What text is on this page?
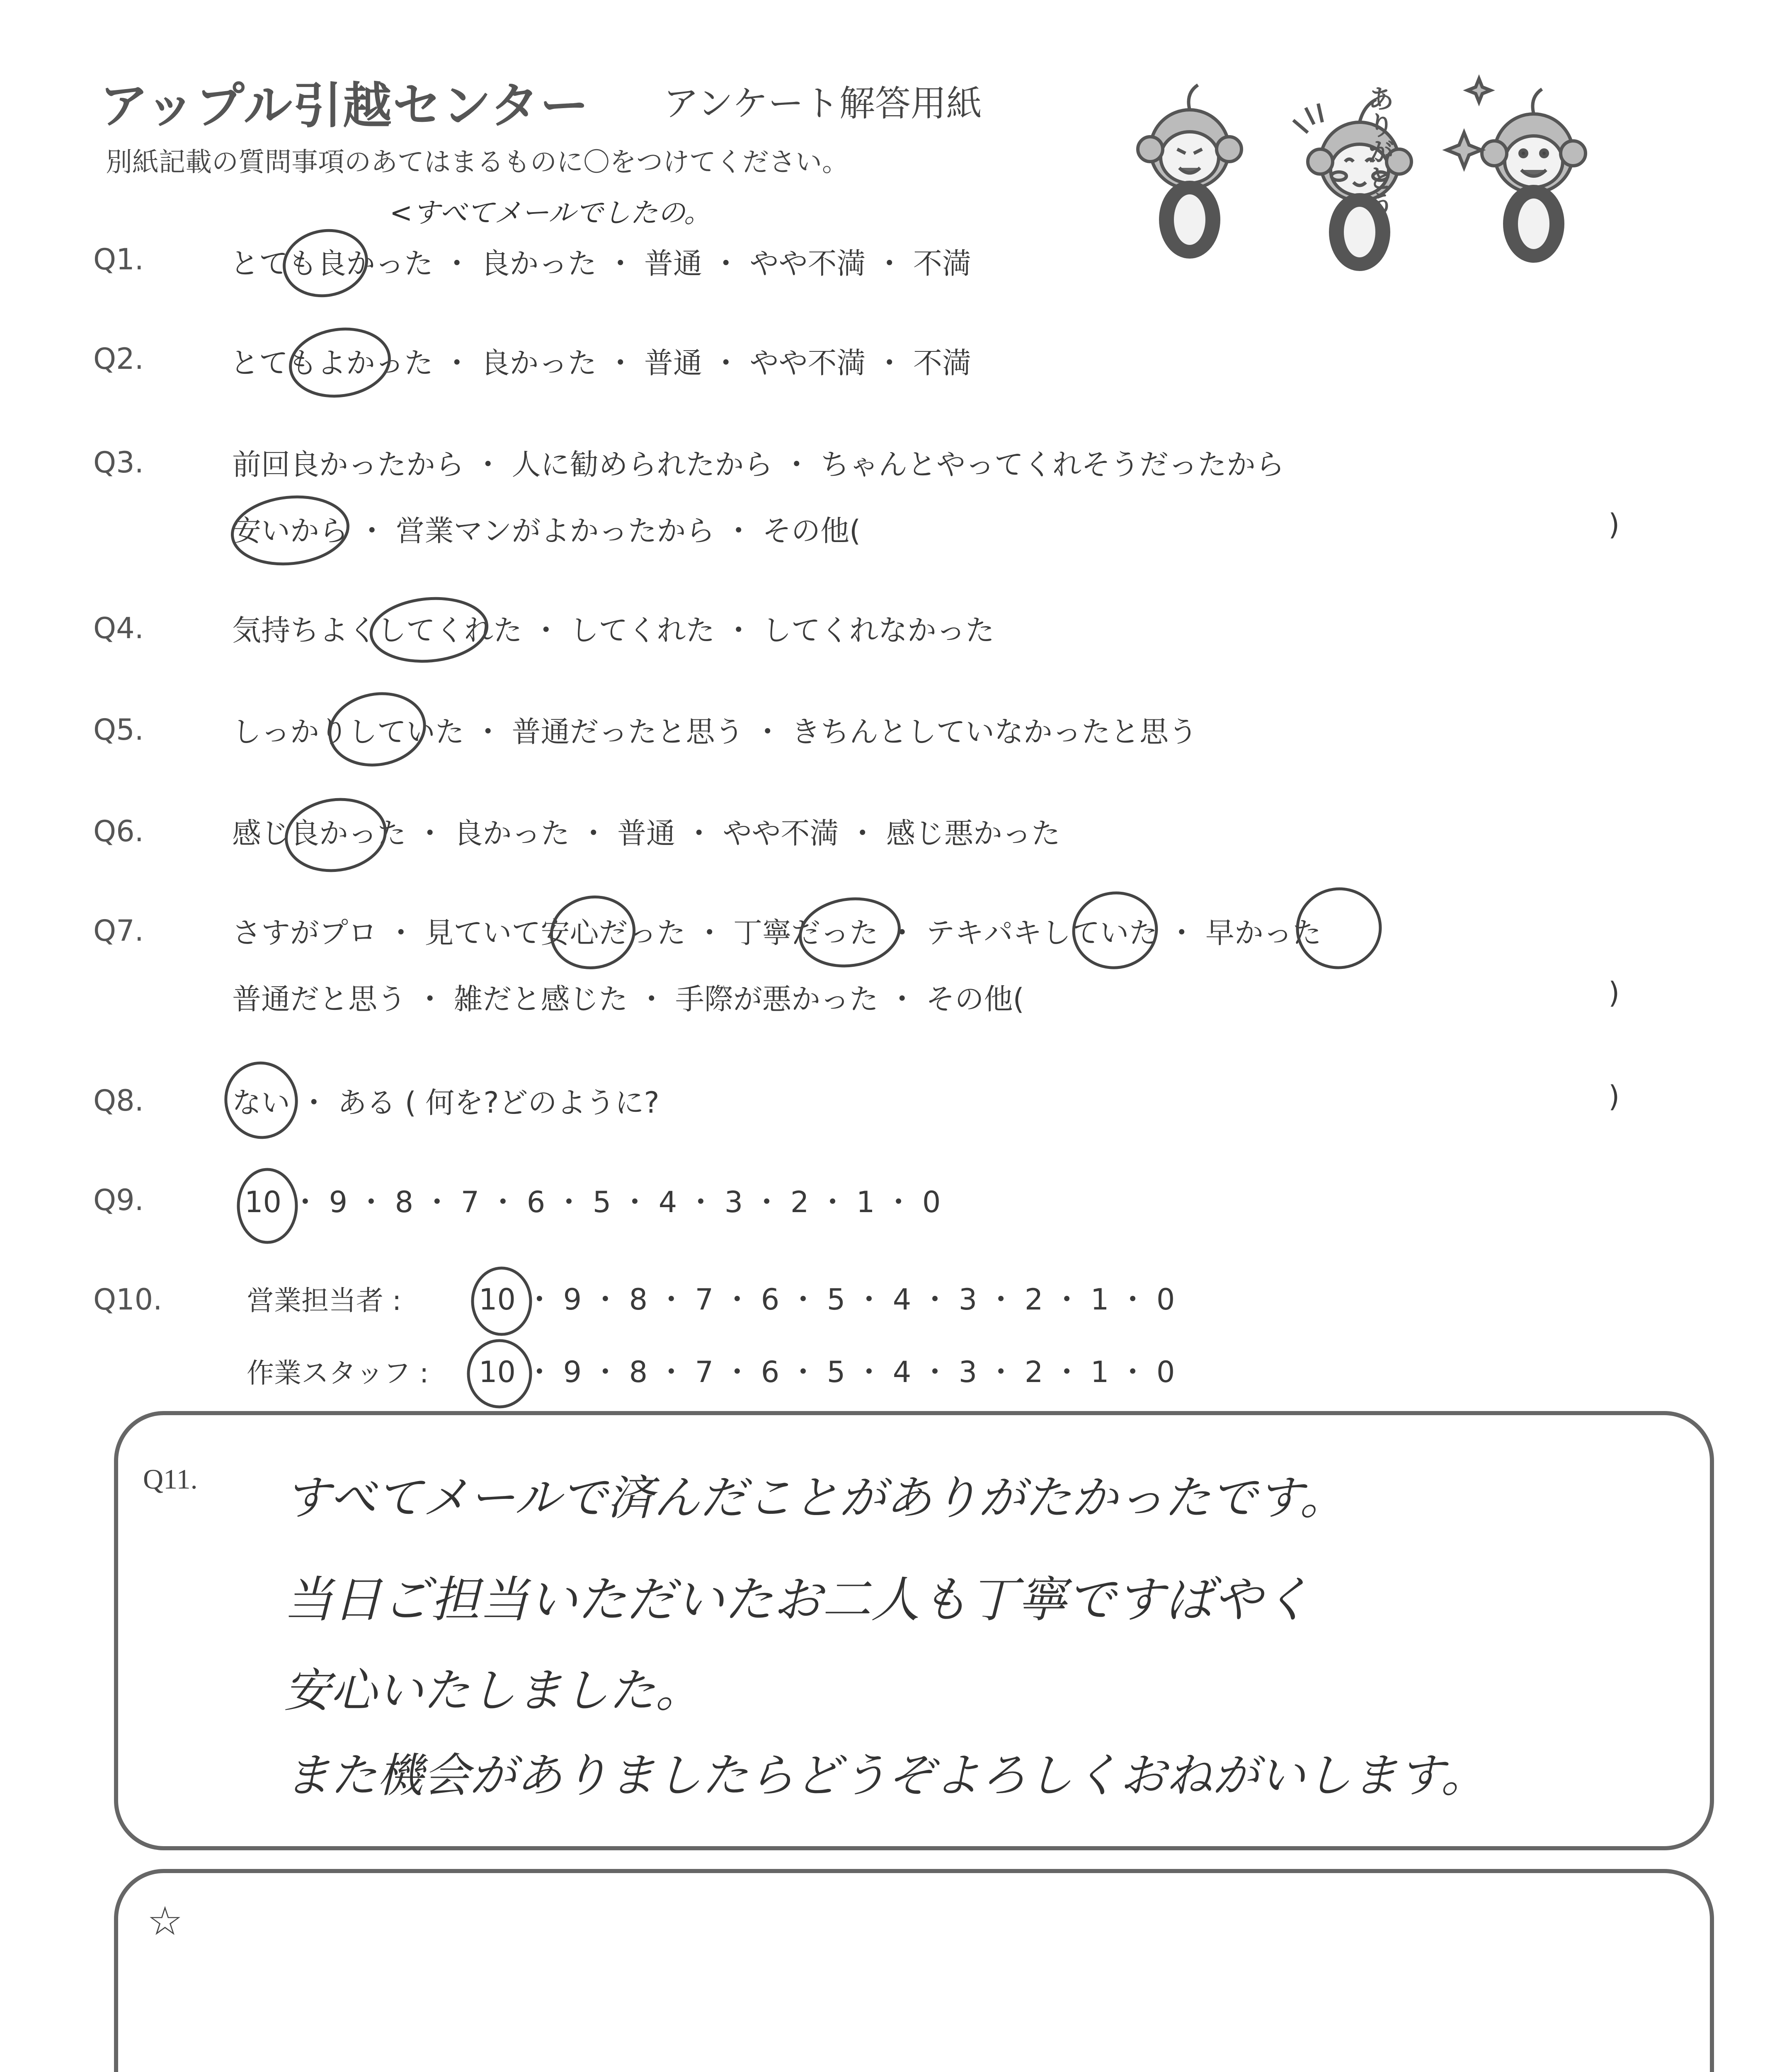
アップル引越センター アンケート解答用紙
別紙記載の質問事項のあてはまるものに〇をつけてください。	ありがとう
Q1.	とても良かった ・ 良かった ・ 普通 ・ やや不満 ・ 不満
<すべてメールでしたの。
Q2.	とてもよかった ・ 良かった ・ 普通 ・ やや不満 ・ 不満
Q3.	前回良かったから ・ 人に勧められたから ・ ちゃんとやってくれそうだったから
安いから ・ 営業マンがよかったから ・ その他(	)
Q4.	気持ちよくしてくれた ・ してくれた ・ してくれなかった
Q5.	しっかりしていた ・ 普通だったと思う ・ きちんとしていなかったと思う
Q6.	感じ良かった ・ 良かった ・ 普通 ・ やや不満 ・ 感じ悪かった
Q7.	さすがプロ ・ 見ていて安心だった ・ 丁寧だった ・ テキパキしていた ・ 早かった
普通だと思う ・ 雑だと感じた ・ 手際が悪かった ・ その他(	)
Q8.	ない ・ ある ( 何を?どのように?	)
Q9.	10 ・ 9 ・ 8 ・ 7 ・ 6 ・ 5 ・ 4 ・ 3 ・ 2 ・ 1 ・ 0
Q10.	営業担当者 :	10 ・ 9 ・ 8 ・ 7 ・ 6 ・ 5 ・ 4 ・ 3 ・ 2 ・ 1 ・ 0
作業スタッフ : 10 ・ 9 ・ 8 ・ 7 ・ 6 ・ 5 ・ 4 ・ 3 ・ 2 ・ 1 ・ 0
Q11. すべてメールで済んだことがありがたかったです。
当日ご担当いただいたお二人も丁寧ですばやく
安心いたしました。
また機会がありましたらどうぞよろしくおねがいします。
☆
